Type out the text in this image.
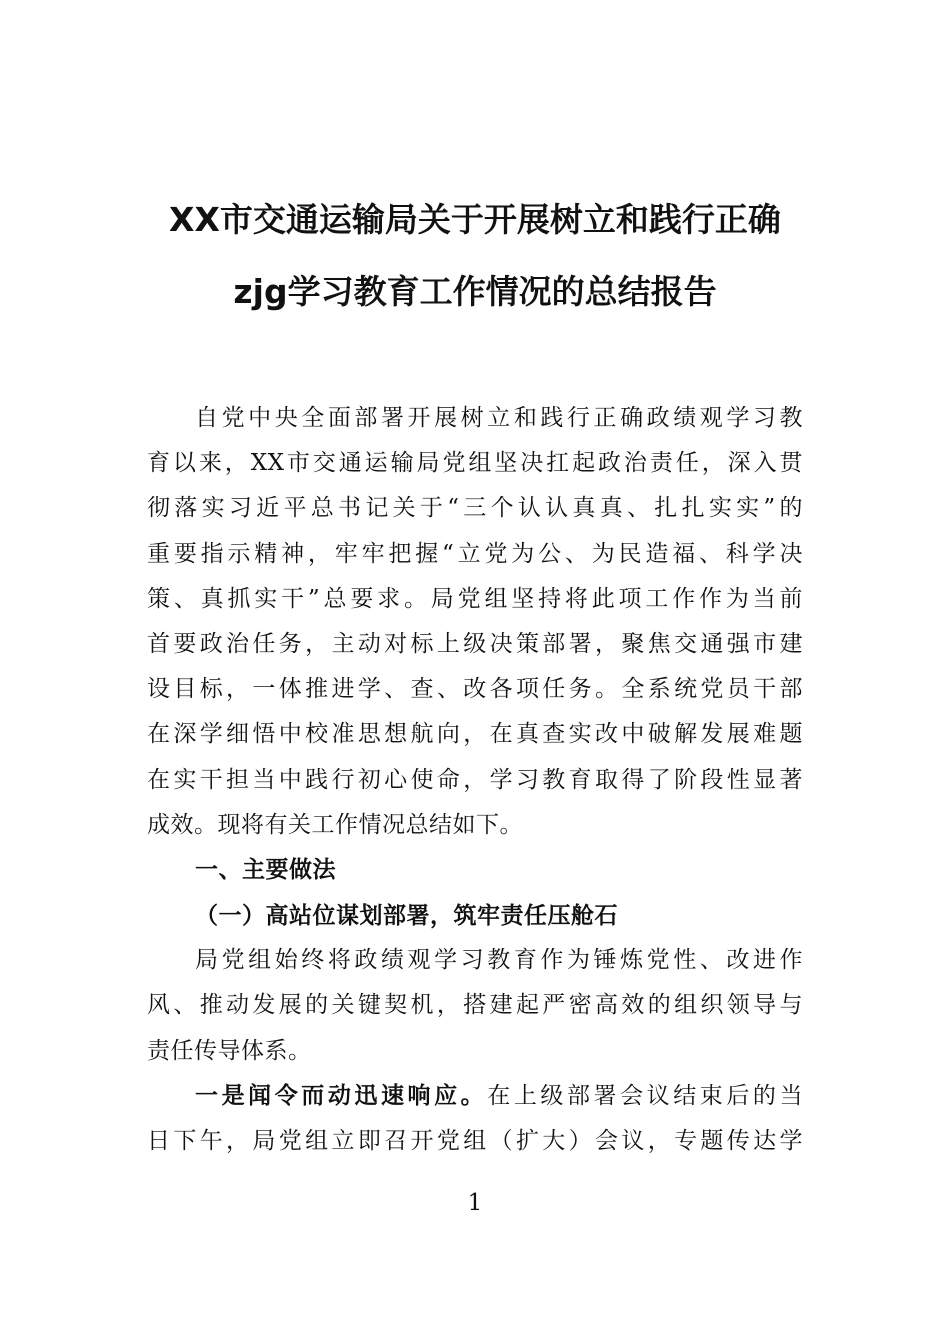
XX市交通运输局关于开展树立和践行正确
zjg学习教育工作情况的总结报告
自党中央全面部署开展树立和践行正确政绩观学习教
育以来，XX市交通运输局党组坚决扛起政治责任，深入贯
彻落实习近平总书记关于“三个认认真真、扎扎实实”的
重要指示精神，牢牢把握“立党为公、为民造福、科学决
策、真抓实干”总要求。局党组坚持将此项工作作为当前
首要政治任务，主动对标上级决策部署，聚焦交通强市建
设目标，一体推进学、查、改各项任务。全系统党员干部
在深学细悟中校准思想航向，在真查实改中破解发展难题
在实干担当中践行初心使命，学习教育取得了阶段性显著
成效。现将有关工作情况总结如下。
一、主要做法
（一）高站位谋划部署，筑牢责任压舱石
局党组始终将政绩观学习教育作为锤炼党性、改进作
风、推动发展的关键契机，搭建起严密高效的组织领导与
责任传导体系。
一是闻令而动迅速响应。在上级部署会议结束后的当
日下午，局党组立即召开党组（扩大）会议，专题传达学
1
